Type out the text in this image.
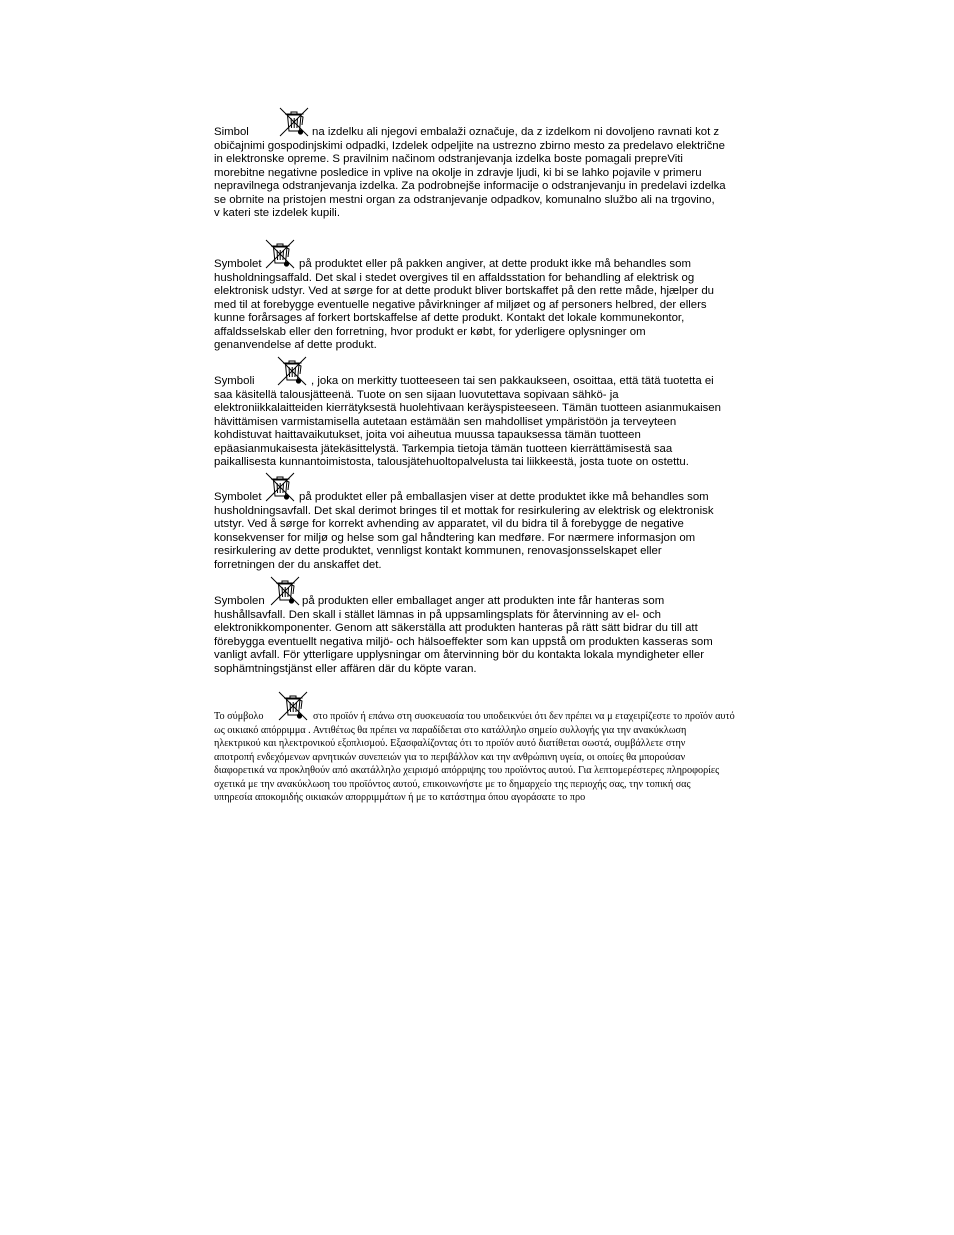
Simbol	na izdelku ali njegovi embalaži označuje, da z izdelkom ni dovoljeno ravnati kot z
običajnimi gospodinjskimi odpadki, Izdelek odpeljite na ustrezno zbirno mesto za predelavo električne
in elektronske opreme. S pravilnim načinom odstranjevanja izdelka boste pomagali prepreViti
morebitne negativne posledice in vplive na okolje in zdravje ljudi, ki bi se lahko pojavile v primeru
nepravilnega odstranjevanja izdelka. Za podrobnejše informacije o odstranjevanju in predelavi izdelka
se obrnite na pristojen mestni organ za odstranjevanje odpadkov, komunalno službo ali na trgovino,
v kateri ste izdelek kupili.
Symbolet	på produktet eller på pakken angiver, at dette produkt ikke må behandles som
husholdningsaffald. Det skal i stedet overgives til en affaldsstation for behandling af elektrisk og
elektronisk udstyr. Ved at sørge for at dette produkt bliver bortskaffet på den rette måde, hjælper du
med til at forebygge eventuelle negative påvirkninger af miljøet og af personers helbred, der ellers
kunne forårsages af forkert bortskaffelse af dette produkt. Kontakt det lokale kommunekontor,
affaldsselskab eller den forretning, hvor produkt er købt, for yderligere oplysninger om
genanvendelse af dette produkt.
Symboli	, joka on merkitty tuotteeseen tai sen pakkaukseen, osoittaa, että tätä tuotetta ei
saa käsitellä talousjätteenä. Tuote on sen sijaan luovutettava sopivaan sähkö- ja
elektroniikkalaitteiden kierrätyksestä huolehtivaan keräyspisteeseen. Tämän tuotteen asianmukaisen
hävittämisen varmistamisella autetaan estämään sen mahdolliset ympäristöön ja terveyteen
kohdistuvat haittavaikutukset, joita voi aiheutua muussa tapauksessa tämän tuotteen
epäasianmukaisesta jätekäsittelystä. Tarkempia tietoja tämän tuotteen kierrättämisestä saa
paikallisesta kunnantoimistosta, talousjätehuoltopalvelusta tai liikkeestä, josta tuote on ostettu.
Symbolet	på produktet eller på emballasjen viser at dette produktet ikke må behandles som
husholdningsavfall. Det skal derimot bringes til et mottak for resirkulering av elektrisk og elektronisk
utstyr. Ved å sørge for korrekt avhending av apparatet, vil du bidra til å forebygge de negative
konsekvenser for miljø og helse som gal håndtering kan medføre. For nærmere informasjon om
resirkulering av dette produktet, vennligst kontakt kommunen, renovasjonsselskapet eller
forretningen der du anskaffet det.
Symbolen	på produkten eller emballaget anger att produkten inte får hanteras som
hushållsavfall. Den skall i stället lämnas in på uppsamlingsplats för återvinning av el- och
elektronikkomponenter. Genom att säkerställa att produkten hanteras på rätt sätt bidrar du till att
förebygga eventuellt negativa miljö- och hälsoeffekter som kan uppstå om produkten kasseras som
vanligt avfall. För ytterligare upplysningar om återvinning bör du kontakta lokala myndigheter eller
sophämtningstjänst eller affären där du köpte varan.
Το σύμβολο	στο προϊόν ή επάνω στη συσκευασία του υποδεικνύει ότι δεν πρέπει να μ εταχειρίζεστε το προϊόν αυτό
ως οικιακό απόρριμμα . Αντιθέτως θα πρέπει να παραδίδεται στο κατάλληλο σημείο συλλογής για την ανακύκλωση
ηλεκτρικού και ηλεκτρονικού εξοπλισμού. Εξασφαλίζοντας ότι το προϊόν αυτό διατίθεται σωστά, συμβάλλετε στην
αποτροπή ενδεχόμενων αρνητικών συνεπειών για το περιβάλλον και την ανθρώπινη υγεία, οι οποίες θα μπορούσαν
διαφορετικά να προκληθούν από ακατάλληλο χειρισμό απόρριψης του προϊόντος αυτού. Για λεπτομερέστερες πληροφορίες
σχετικά με την ανακύκλωση του προϊόντος αυτού, επικοινωνήστε με το δημαρχείο της περιοχής σας, την τοπική σας
υπηρεσία αποκομιδής οικιακών απορριμμάτων ή με το κατάστημα όπου αγοράσατε το προ
